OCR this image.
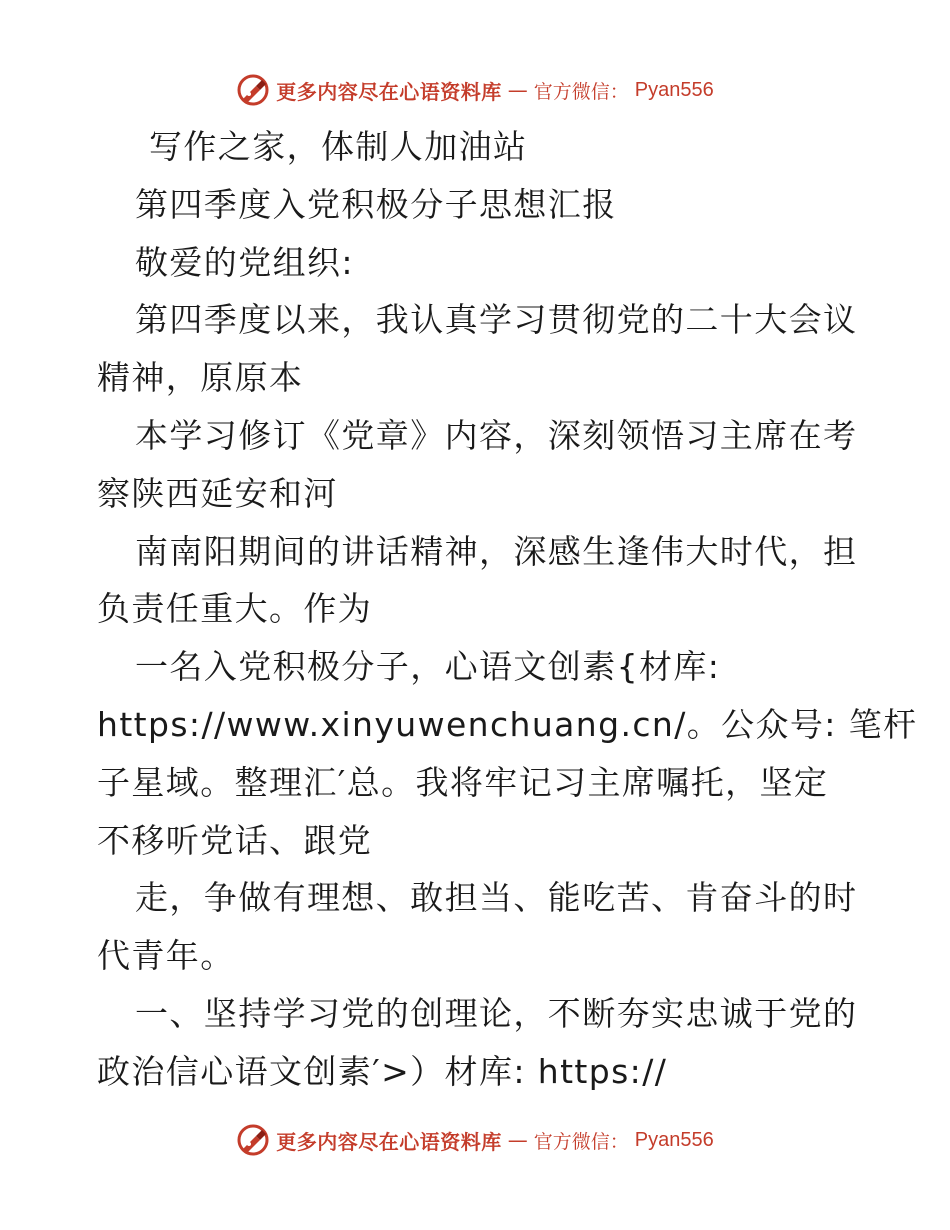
更多内容尽在心语资料库 — 官方微信： Pyan556
写作之家，体制人加油站
第四季度入党积极分子思想汇报
敬爱的党组织:
第四季度以来，我认真学习贯彻党的二十大会议
精神，原原本
本学习修订《党章》内容，深刻领悟习主席在考
察陕西延安和河
南南阳期间的讲话精神，深感生逢伟大时代，担
负责任重大。作为
一名入党积极分子，心语文创素{材库:
https://www.xinyuwenchuang.cn/。公众号: 笔杆
子星域。整理汇′总。我将牢记习主席嘱托，坚定
不移听党话、跟党
走，争做有理想、敢担当、能吃苦、肯奋斗的时
代青年。
一、坚持学习党的创理论，不断夯实忠诚于党的
政治信心语文创素′>）材库: https://
更多内容尽在心语资料库 — 官方微信： Pyan556
